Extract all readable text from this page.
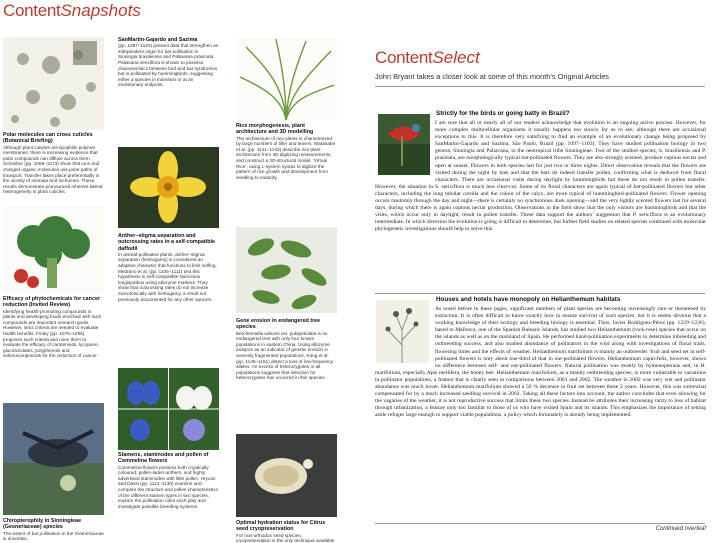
ContentSnapshots

Polar molecules can cross cuticles (Botanical Briefing)

Although plant cuticles are lipophilic polymer membranes, there is increasing evidence that polar compounds can diffuse across them. Schreiber (pp. 1069–1073) show that ions and charged organic molecules use polar paths of transport. Transfer takes place preferentially in the vicinity of stomata and trichomes. These results demonstrate pronounced inherent lateral heterogeneity in plant cuticles.

Efficacy of phytochemicals for cancer reduction (Invited Review)

Identifying health-promoting compounds in plants and developing foods enriched with such compounds are important research goals. However, strict criteria are needed to evaluate health benefits. Finley (pp. 1075–1096) proposes such criteria and uses them to evaluate the efficacy of carotenoids, lycopene, glucosinolates, polyphenols and selenocompounds for the reduction of cancer.

Chiropterophily in Sinningieae (Gesneriaceae) species

The extent of bat pollination in the Gesneriaceae is uncertain.

SanMartin-Gajardo and Sazima

(pp. 1097–1103) present data that strengthen an independent origin for bat pollination in Sinningia brasiliensis and Paliavana prasinata. Paliavana sericiflora is shown to possess characteristics between bird and bat syndromes but is pollinated by hummingbirds, suggesting either a species in transition or at an evolutionary endpoint.

Anther–stigma separation and outcrossing rates in a self-compatible daffodil

In animal-pollinated plants, anther–stigma separation (herkogamy) is considered an adaptive character that functions to limit selfing. Medrano et al. (pp. 1105–1111) test this hypothesis in self-compatible Narcissus longispathus using allozyme markers. They show that outcrossing rates do not increase monotonically with herkogamy, a result not previously documented for any other species.

Stamens, staminodes and pollen of Commelina flowers

Commelina flowers possess both cryptically coloured, pollen-laden anthers, and highly advertised staminodes with little pollen. Hrycan and Davis (pp. 1113–1130) examine and compare the structure and pollen characteristics of the different stamen types in two species, explore the pollination roles each play and investigate possible breeding systems.

Rice morphogenesis, plant architecture and 3D modelling

The architecture of rice plants is characterized by large numbers of tiller and leaves. Watanabe et al. (pp. 1131–1143) describe rice plant architecture from 3D digitizing measurements, and construct a 3D-structural model, ‘Virtual Rice’, using L-system syntax to digitize the pattern of rice growth and development from seedling to maturity.

Gene erosion in endangered tree species

Berchemiella wilsonii var. pubipetiolata is an endangered tree with only four known populations in eastern China. Using allozyme analysis as an indicator of genetic erosion in severely fragmented populations, Kang et al. (pp. 1145–1151) detect a loss of low-frequency alleles. An excess of heterozygotes in all populations suggests that selection for heterozygotes has occurred in this species.

Optimal hydration status for Citrus seed cryopreservation

For non-orthodox seed species, cryopreservation is the only technique available

ContentSelect
John Bryant takes a closer look at some of this month’s Original Articles

Strictly for the birds or going batty in Brazil?

I am sure that all or nearly all of our readers acknowledge that evolution is an ongoing active process. However, for more complex multicellular organisms it usually happens too slowly for us to see, although there are occasional exceptions to this. It is therefore very satisfying to find an example of an evolutionary change being proposed by SanMartin-Gajardo and Sazima, São Paulo, Brazil (pp. 1097–1103). They have studied pollination biology in two genera, Sinningia and Paliavana, in the neotropical tribe Sinningieae. Two of the studied species, S. brasiliensis and P. prasinata, are morphologically typical bat-pollinated flowers. They are also strongly scented, produce copious nectar and open at sunset. Flowers in both species last for just two or three nights. Direct observation reveals that the flowers are visited during the night by bats and that the bats do indeed transfer pollen, confirming what is deduced from floral characters. There are occasional visits during daylight by hummingbirds but these do not result in pollen transfer. However, the situation in S. sericiflora is much less clear-cut. Some of its floral characters are again typical of bat-pollinated flowers but other characters, including the long tubular corolla and the colour of the calyx, are more typical of hummingbird-pollinated flowers. Flower opening occurs randomly through the day and night—there is certainly no synchronous dusk opening—and the very lightly scented flowers last for several days, during which there is again copious nectar production. Observations in the field show that the only visitors are hummingbirds and that the visits, which occur only in daylight, result in pollen transfer. These data support the authors’ suggestion that P. sericiflora is an evolutionary intermediate. In which direction the evolution is going is difficult to determine, but further field studies on related species combined with molecular phylogenetic investigations should help to solve this.

Houses and hotels have monopoly on Helianthemum habitats

As noted before in these pages, significant numbers of plant species are becoming increasingly rare or threatened by extinction. It is often difficult to know exactly how to ensure survival of such species, but it is seems obvious that a working knowledge of their ecology and breeding biology is essential. Thus, Javier Rodríguez-Pérez (pp. 1229–1236), based in Mallorca, one of the Spanish Balearic Islands, has studied two Helianthemum (rock-rose) species that occur on the islands as well as on the mainland of Spain. He performed hand-pollination experiments to determine inbreeding and outbreeding success, and also studied abundance of pollinators in the wild along with investigations of floral traits, flowering times and the effects of weather. Helianthemum marifolium is mainly an outbreeder: fruit and seed set in self-pollinated flowers is only about one-third of that in out-pollinated flowers. Helianthemum caput-felis, however, shows no difference between self- and out-pollinated flowers. Natural pollination was mostly by hymenopterans and, in H. marifolium, especially Apis mellifera, the honey bee. Helianthemum marifolium, as a mainly outbreeding species, is more vulnerable to variations in pollinator populations, a feature that is clearly seen in comparisons between 2001 and 2002. The weather in 2002 was very wet and pollinator abundance was much lower. Helianthemum marifolium showed a 50 % decrease in fruit set between these 2 years. However, this was somewhat compensated for by a much increased seedling survival in 2002. Taking all these factors into account, the author concludes that even allowing for the vagaries of the weather, it is not reproductive success that limits these two species. Instead he attributes their increasing rarity to loss of habitat through urbanization, a feature only too familiar to those of us who have visited Spain and its islands. This emphasizes the importance of setting aside refuges large enough to support viable populations, a policy which fortunately is already being implemented.

Continued overleaf
